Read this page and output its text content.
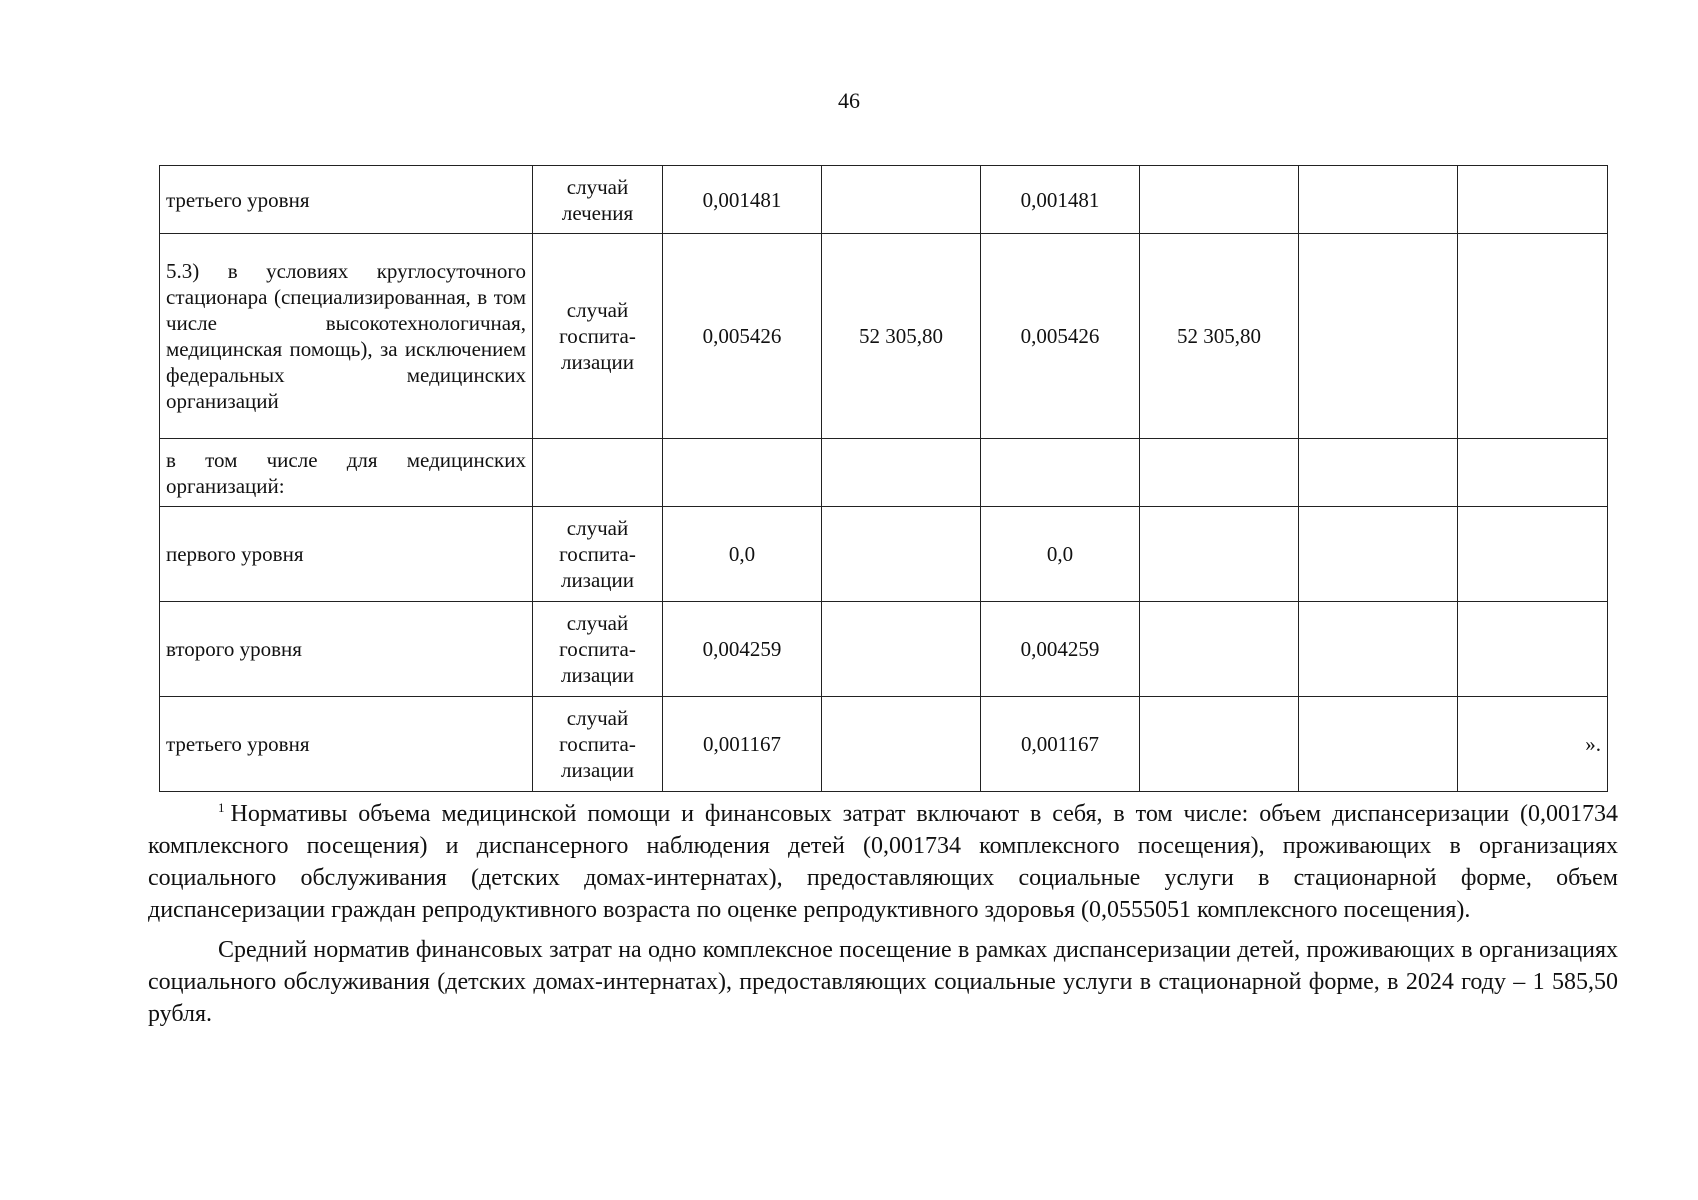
46
третьего уровня	случай лечения	0,001481		0,001481			
5.3) в условиях круглосуточного стационара (специализированная, в том числе высокотехнологичная, медицинская помощь), за исключением федеральных медицинских организаций	случай госпита-лизации	0,005426	52 305,80	0,005426	52 305,80		
в том числе для медицинских организаций:							
первого уровня	случай госпита-лизации	0,0		0,0			
второго уровня	случай госпита-лизации	0,004259		0,004259			
третьего уровня	случай госпита-лизации	0,001167		0,001167			».

$^1$ Нормативы объема медицинской помощи и финансовых затрат включают в себя, в том числе: объем диспансеризации (0,001734 комплексного посещения) и диспансерного наблюдения детей (0,001734 комплексного посещения), проживающих в организациях социального обслуживания (детских домах-интернатах), предоставляющих социальные услуги в стационарной форме, объем диспансеризации граждан репродуктивного возраста по оценке репродуктивного здоровья (0,0555051 комплексного посещения).

Средний норматив финансовых затрат на одно комплексное посещение в рамках диспансеризации детей, проживающих в организациях социального обслуживания (детских домах-интернатах), предоставляющих социальные услуги в стационарной форме, в 2024 году – 1 585,50 рубля.
